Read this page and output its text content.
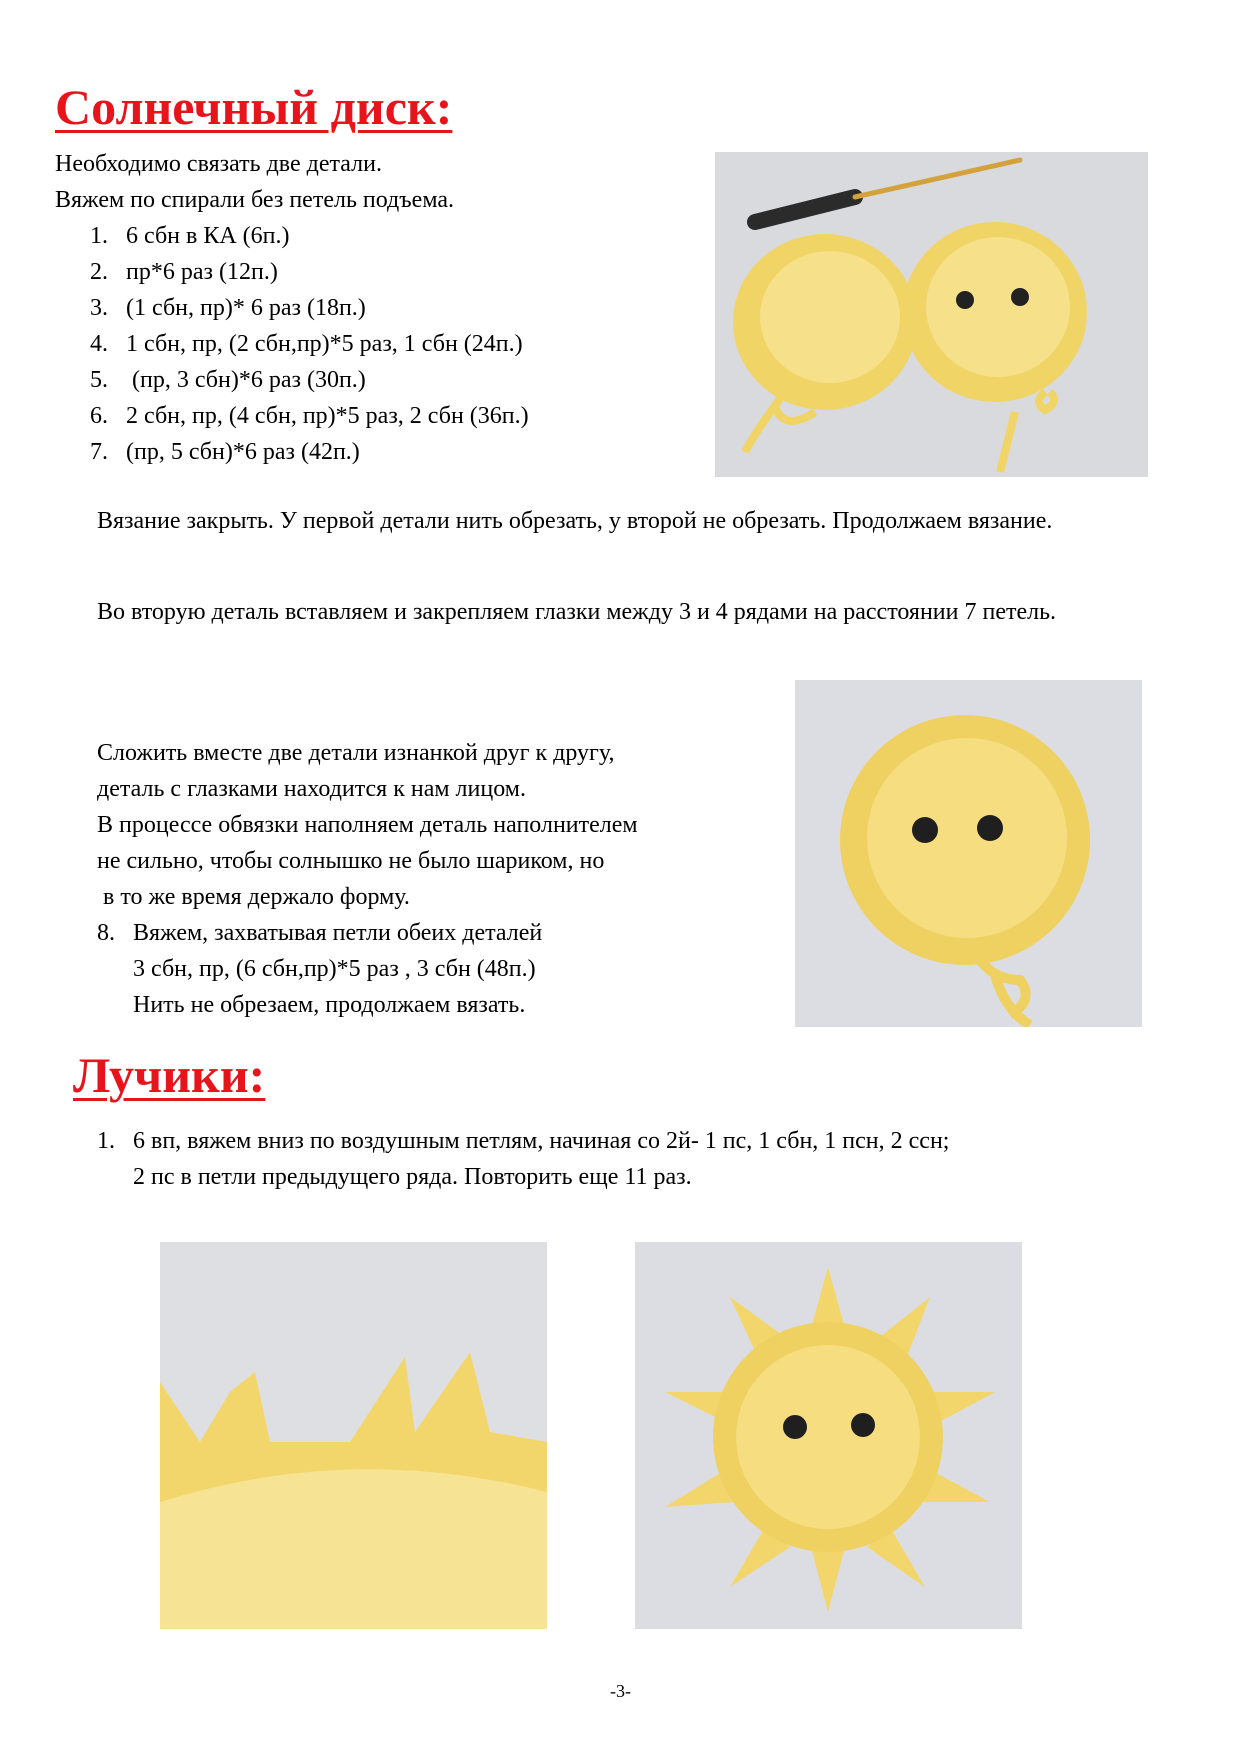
Солнечный диск:

Необходимо связать две детали.

Вяжем по спирали без петель подъема.

1. 6 сбн в КА (6п.)
2. пр*6 раз (12п.)
3. (1 сбн, пр)* 6 раз (18п.)
4. 1 сбн, пр, (2 сбн,пр)*5 раз, 1 сбн (24п.)
5. (пр, 3 сбн)*6 раз (30п.)
6. 2 сбн, пр, (4 сбн, пр)*5 раз, 2 сбн (36п.)
7. (пр, 5 сбн)*6 раз (42п.)
Вязание закрыть. У первой детали нить обрезать, у второй не обрезать. Продолжаем вязание.
Во вторую деталь вставляем и закрепляем глазки между 3 и 4 рядами на расстоянии 7 петель.

Сложить вместе две детали изнанкой друг к другу,

деталь с глазками находится к нам лицом.

В процессе обвязки наполняем деталь наполнителем

не сильно, чтобы солнышко не было шариком, но

в то же время держало форму.

8. Вяжем, захватывая петли обеих деталей

3 сбн, пр, (6 сбн,пр)*5 раз , 3 сбн (48п.)

Нить не обрезаем, продолжаем вязать.

Лучики:
1. 6 вп, вяжем вниз по воздушным петлям, начиная со 2й- 1 пс, 1 сбн, 1 псн, 2 ссн;

2 пс в петли предыдущего ряда. Повторить еще 11 раз.

-3-
